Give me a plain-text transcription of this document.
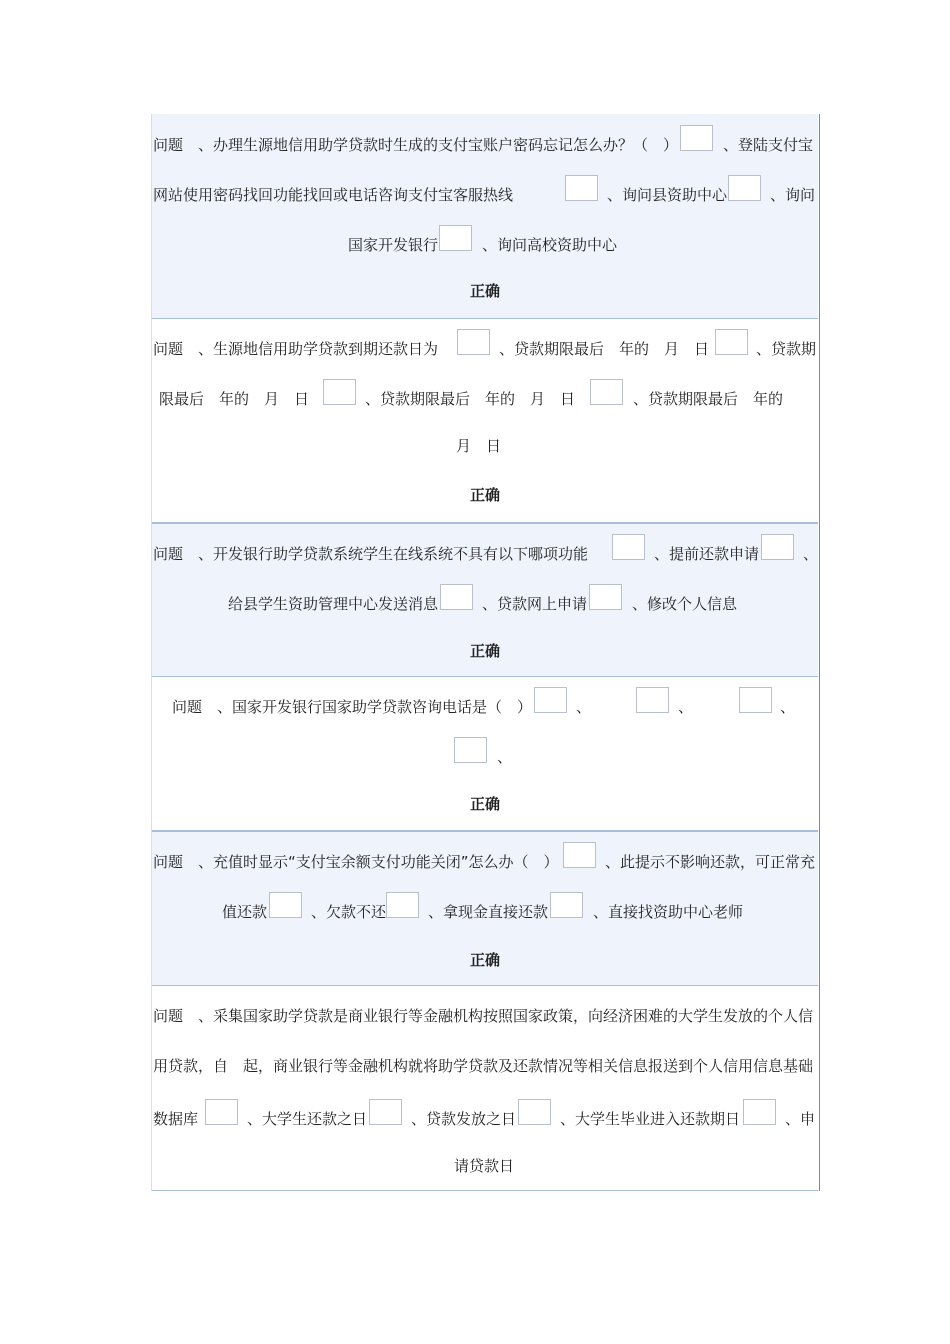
问题　、办理生源地信用助学贷款时生成的支付宝账户密码忘记怎么办？（　）	、登陆支付宝
网站使用密码找回功能找回或电话咨询支付宝客服热线	、询问县资助中心	、询问
国家开发银行	、询问高校资助中心
正确
问题　、生源地信用助学贷款到期还款日为	、贷款期限最后　年的　月　日	、贷款期
限最后　年的　月　日	、贷款期限最后　年的　月　日	、贷款期限最后　年的
月　日
正确
问题　、开发银行助学贷款系统学生在线系统不具有以下哪项功能	、提前还款申请	、
给县学生资助管理中心发送消息	、贷款网上申请	、修改个人信息
正确
问题　、国家开发银行国家助学贷款咨询电话是（　）	、	、	、
、
正确
问题　、充值时显示“支付宝余额支付功能关闭”怎么办（　）	、此提示不影响还款，可正常充
值还款	、欠款不还	、拿现金直接还款	、直接找资助中心老师
正确
问题　、采集国家助学贷款是商业银行等金融机构按照国家政策，向经济困难的大学生发放的个人信
用贷款，自　起，商业银行等金融机构就将助学贷款及还款情况等相关信息报送到个人信用信息基础
数据库	、大学生还款之日	、贷款发放之日	、大学生毕业进入还款期日	、申
请贷款日
